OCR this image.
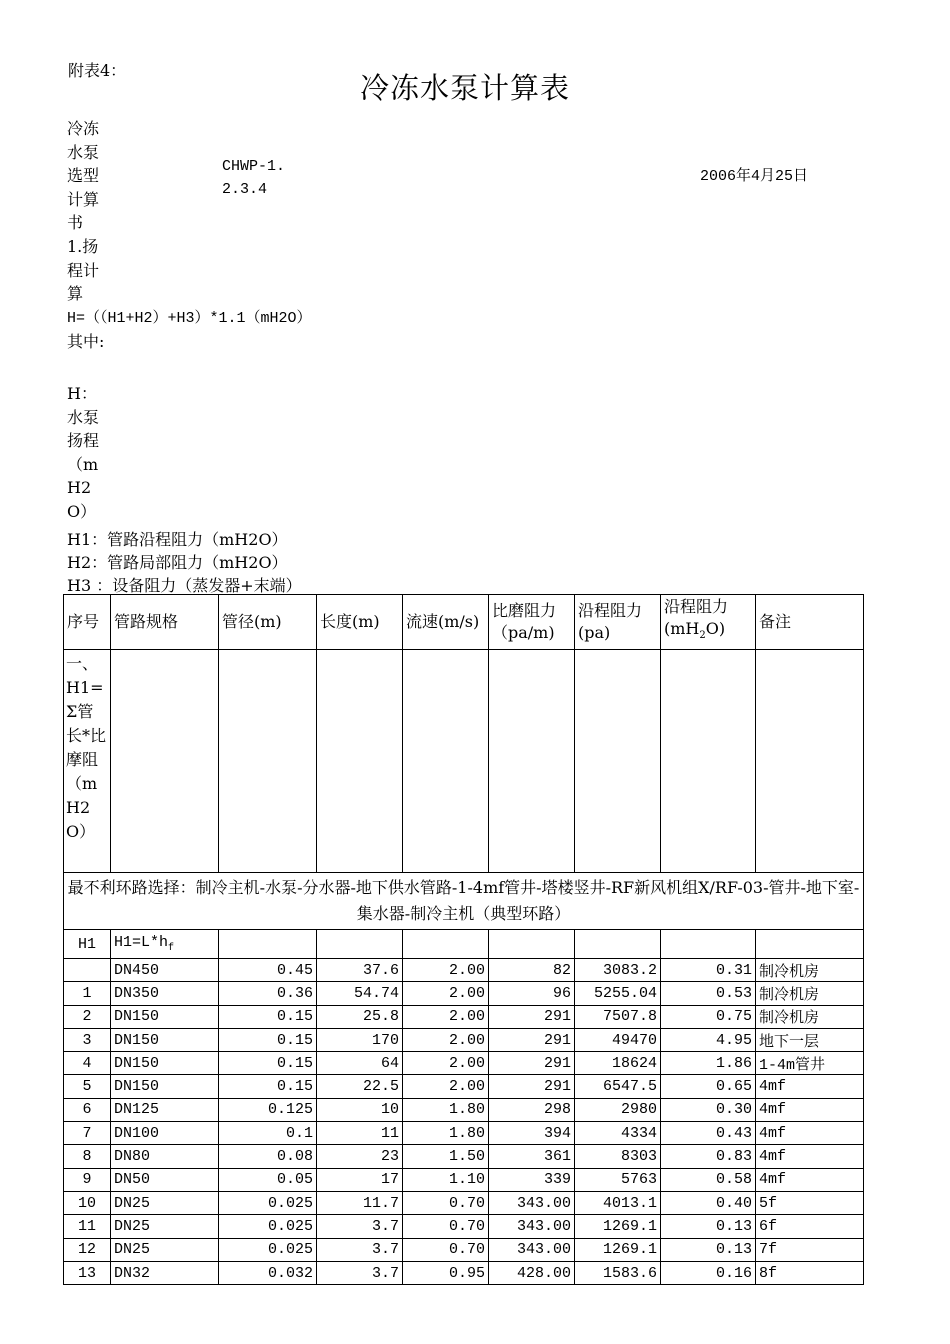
附表4：
冷冻水泵计算表
冷冻水泵选型计算书
CHWP-1.2.3.4
2006年4月25日
1.扬程计算
H=（（H1+H2）+H3）*1.1（mH2O）
其中:
H：水泵扬程（mH2O）
H1：管路沿程阻力（mH2O）
H2：管路局部阻力（mH2O）
H3 ：设备阻力（蒸发器+末端）
序号	管路规格	管径(m)	长度(m)	流速(m/s)	比磨阻力（pa/m)	沿程阻力(pa)	沿程阻力$(mH_2O)$	备注
一、H1=Σ管长*比摩阻（mH2O）								
最不利环路选择：制冷主机-水泵-分水器-地下供水管路-1-4mf管井-塔楼竖井-RF新风机组X/RF-03-管井-地下室-集水器-制冷主机（典型环路）								
H1	$H1=L*h_f$							
	DN450	0.45	37.6	2.00	82	3083.2	0.31	制冷机房
1	DN350	0.36	54.74	2.00	96	5255.04	0.53	制冷机房
2	DN150	0.15	25.8	2.00	291	7507.8	0.75	制冷机房
3	DN150	0.15	170	2.00	291	49470	4.95	地下一层
4	DN150	0.15	64	2.00	291	18624	1.86	1-4m管井
5	DN150	0.15	22.5	2.00	291	6547.5	0.65	4mf
6	DN125	0.125	10	1.80	298	2980	0.30	4mf
7	DN100	0.1	11	1.80	394	4334	0.43	4mf
8	DN80	0.08	23	1.50	361	8303	0.83	4mf
9	DN50	0.05	17	1.10	339	5763	0.58	4mf
10	DN25	0.025	11.7	0.70	343.00	4013.1	0.40	5f
11	DN25	0.025	3.7	0.70	343.00	1269.1	0.13	6f
12	DN25	0.025	3.7	0.70	343.00	1269.1	0.13	7f
13	DN32	0.032	3.7	0.95	428.00	1583.6	0.16	8f
